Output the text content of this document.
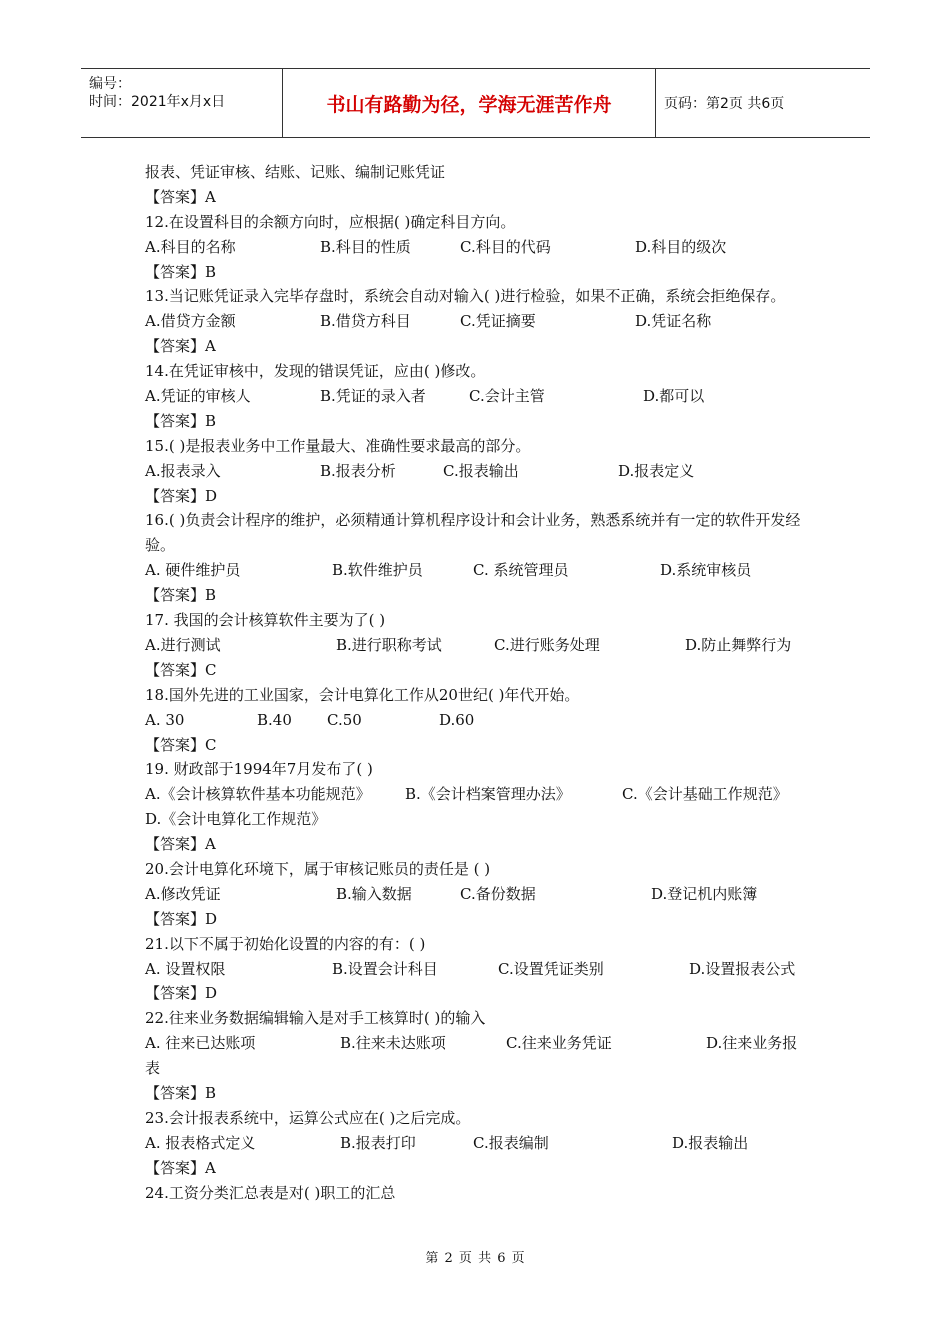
编号：
时间：2021年x月x日	书山有路勤为径，学海无涯苦作舟	页码：第2页 共6页
报表、凭证审核、结账、记账、编制记账凭证
【答案】A
12.在设置科目的余额方向时，应根据( )确定科目方向。
A.科目的名称	B.科目的性质	C.科目的代码	D.科目的级次
【答案】B
13.当记账凭证录入完毕存盘时，系统会自动对输入( )进行检验，如果不正确，系统会拒绝保存。
A.借贷方金额	B.借贷方科目	C.凭证摘要	D.凭证名称
【答案】A
14.在凭证审核中，发现的错误凭证，应由( )修改。
A.凭证的审核人	B.凭证的录入者	C.会计主管	D.都可以
【答案】B
15.( )是报表业务中工作量最大、准确性要求最高的部分。
A.报表录入	B.报表分析	C.报表输出	D.报表定义
【答案】D
16.( )负责会计程序的维护，必须精通计算机程序设计和会计业务，熟悉系统并有一定的软件开发经验。
A. 硬件维护员	B.软件维护员	C. 系统管理员	D.系统审核员
【答案】B
17. 我国的会计核算软件主要为了( )
A.进行测试	B.进行职称考试	C.进行账务处理	D.防止舞弊行为
【答案】C
18.国外先进的工业国家，会计电算化工作从20世纪( )年代开始。
A. 30	B.40 C.50	D.60
【答案】C
19. 财政部于1994年7月发布了( )
A.《会计核算软件基本功能规范》 B.《会计档案管理办法》	C.《会计基础工作规范》
D.《会计电算化工作规范》
【答案】A
20.会计电算化环境下，属于审核记账员的责任是 ( )
A.修改凭证	B.输入数据	C.备份数据	D.登记机内账簿
【答案】D
21.以下不属于初始化设置的内容的有：( )
A. 设置权限	B.设置会计科目	C.设置凭证类别	D.设置报表公式
【答案】D
22.往来业务数据编辑输入是对手工核算时( )的输入
A. 往来已达账项	B.往来未达账项	C.往来业务凭证	D.往来业务报
表
【答案】B
23.会计报表系统中，运算公式应在( )之后完成。
A. 报表格式定义	B.报表打印	C.报表编制	D.报表输出
【答案】A
24.工资分类汇总表是对( )职工的汇总
第 2 页 共 6 页
